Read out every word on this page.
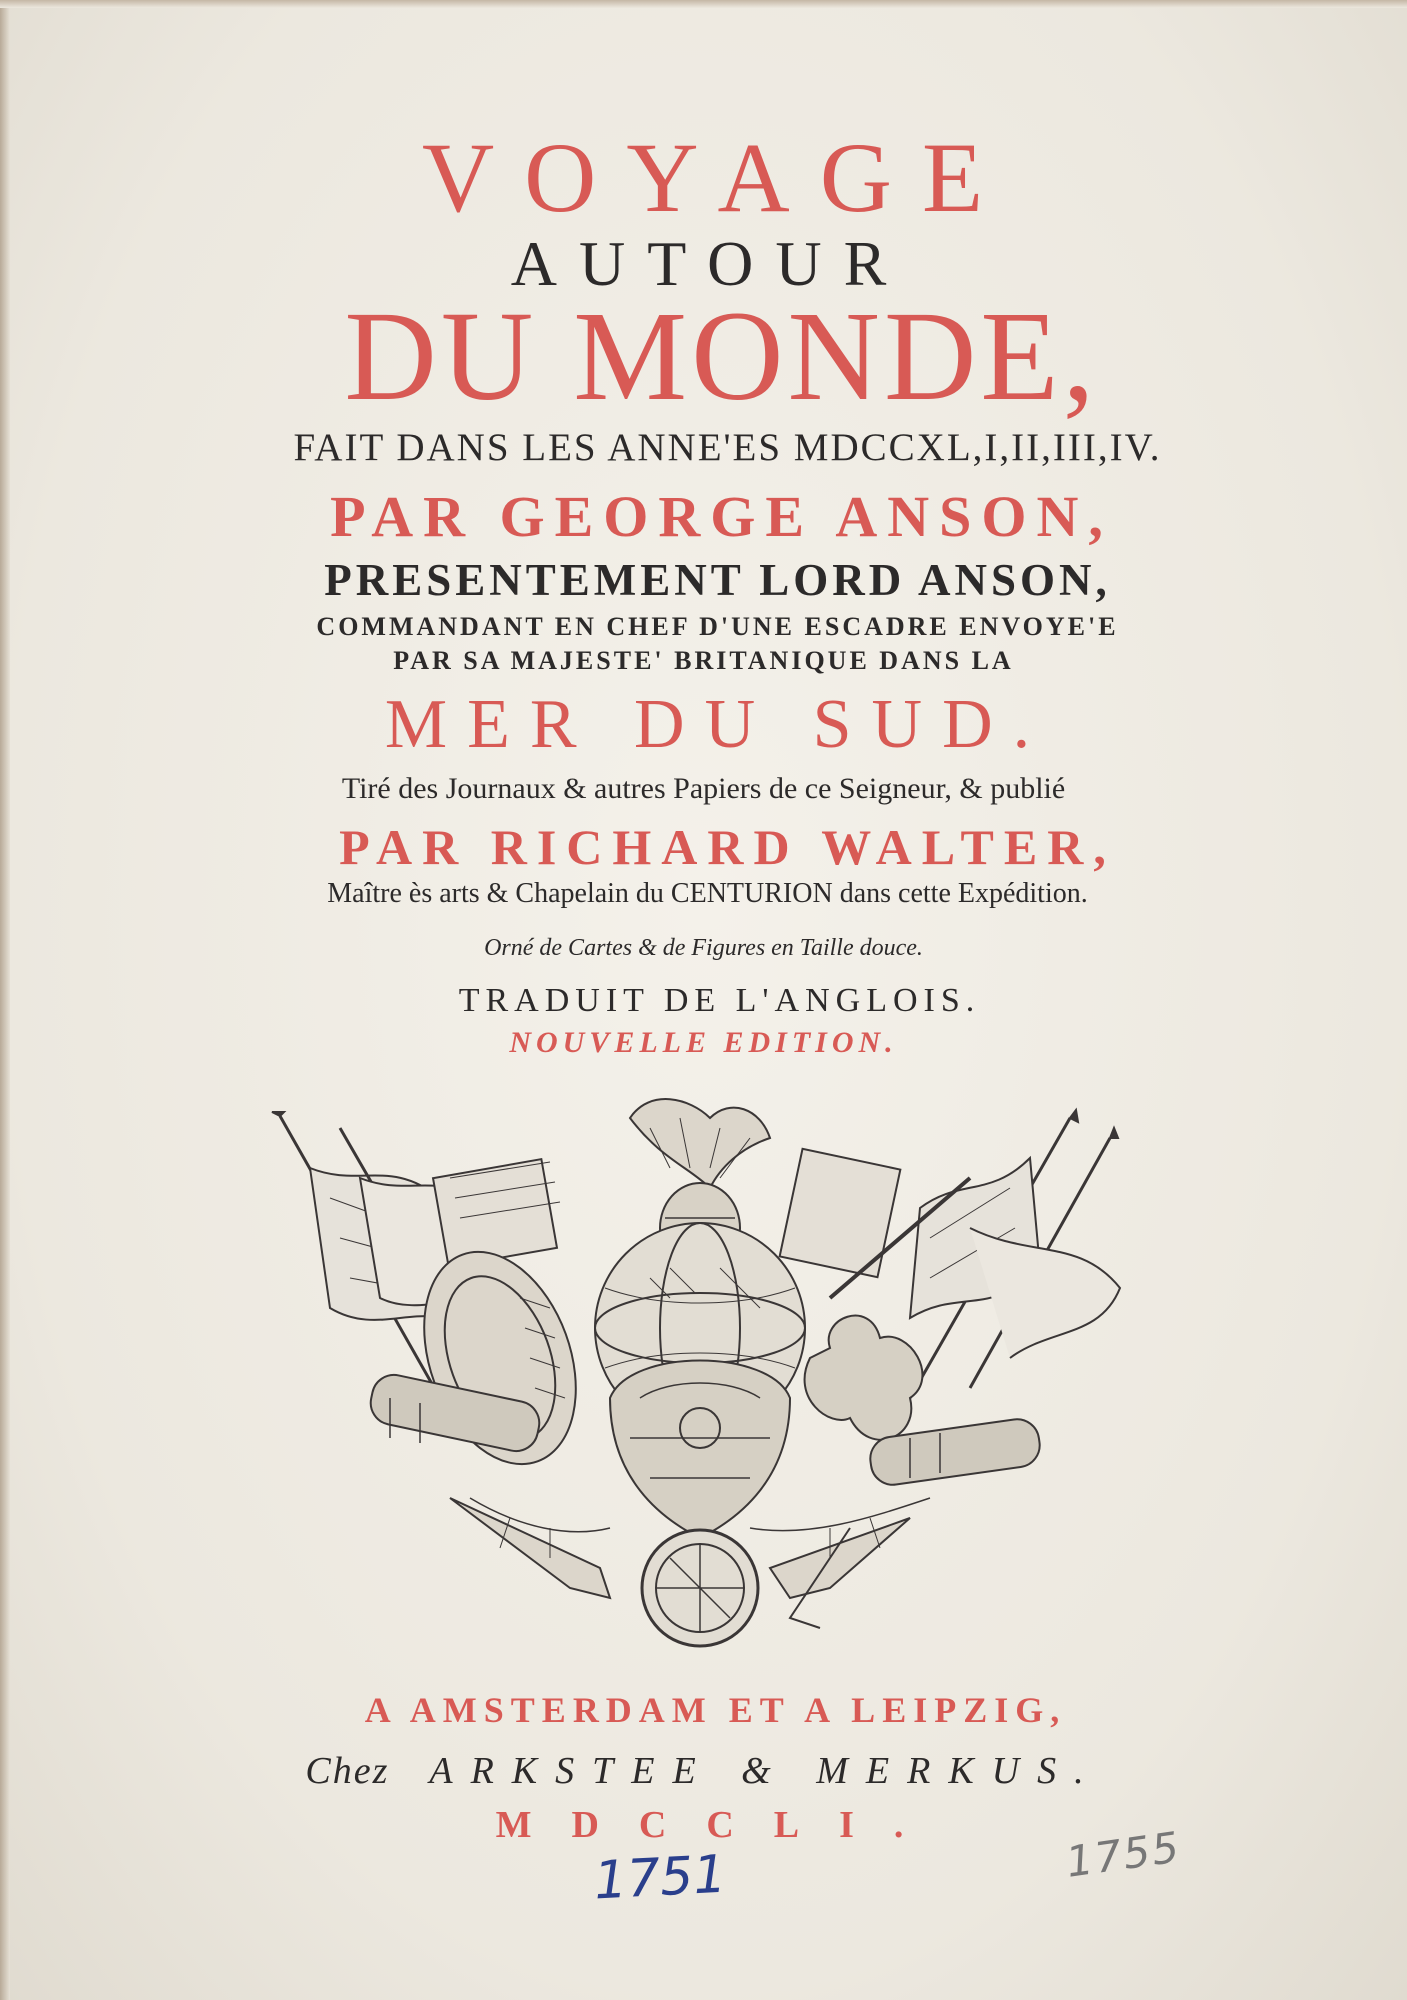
VOYAGE
AUTOUR
DU MONDE,
FAIT DANS LES ANNE'ES MDCCXL,I,II,III,IV.
PAR GEORGE ANSON,
PRESENTEMENT LORD ANSON,
COMMANDANT EN CHEF D'UNE ESCADRE ENVOYE'E
PAR SA MAJESTE' BRITANIQUE DANS LA
MER DU SUD.
Tiré des Journaux & autres Papiers de ce Seigneur, & publié
PAR RICHARD WALTER,
Maître ès arts & Chapelain du CENTURION dans cette Expédition.
Orné de Cartes & de Figures en Taille douce.
TRADUIT DE L'ANGLOIS.
NOUVELLE EDITION.
A AMSTERDAM ET A LEIPZIG,
Chez ARKSTEE & MERKUS.
MDCCLI.
1751	1755
